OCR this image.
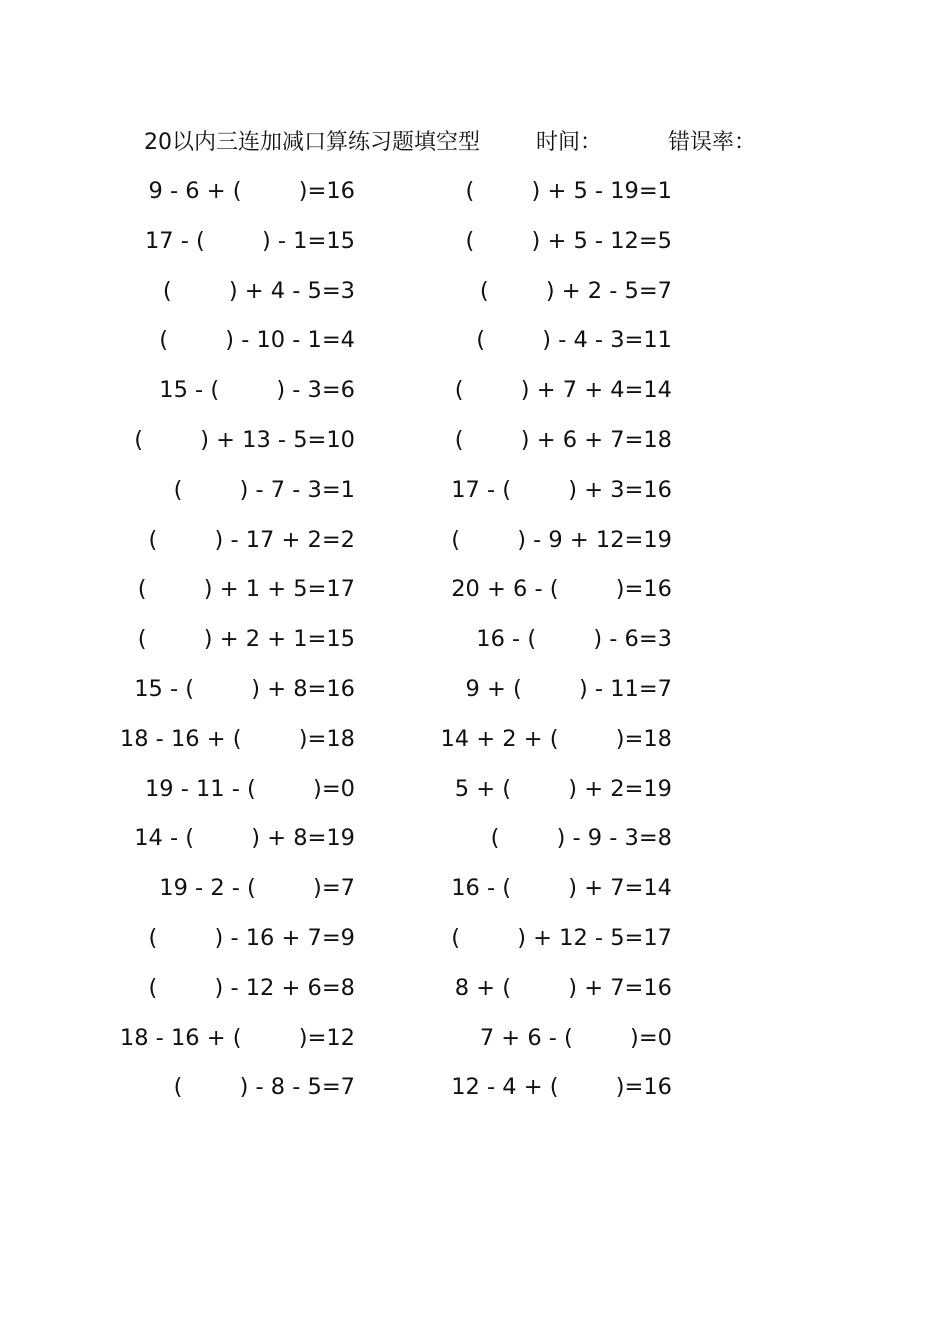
20以内三连加减口算练习题填空型	时间：	错误率：
9 - 6 + (        )=16	(        ) + 5 - 19=1
17 - (        ) - 1=15	(        ) + 5 - 12=5
(        ) + 4 - 5=3	(        ) + 2 - 5=7
(        ) - 10 - 1=4	(        ) - 4 - 3=11
15 - (        ) - 3=6	(        ) + 7 + 4=14
(        ) + 13 - 5=10	(        ) + 6 + 7=18
(        ) - 7 - 3=1	17 - (        ) + 3=16
(        ) - 17 + 2=2	(        ) - 9 + 12=19
(        ) + 1 + 5=17	20 + 6 - (        )=16
(        ) + 2 + 1=15	16 - (        ) - 6=3
15 - (        ) + 8=16	9 + (        ) - 11=7
18 - 16 + (        )=18	14 + 2 + (        )=18
19 - 11 - (        )=0	5 + (        ) + 2=19
14 - (        ) + 8=19	(        ) - 9 - 3=8
19 - 2 - (        )=7	16 - (        ) + 7=14
(        ) - 16 + 7=9	(        ) + 12 - 5=17
(        ) - 12 + 6=8	8 + (        ) + 7=16
18 - 16 + (        )=12	7 + 6 - (        )=0
(        ) - 8 - 5=7	12 - 4 + (        )=16
